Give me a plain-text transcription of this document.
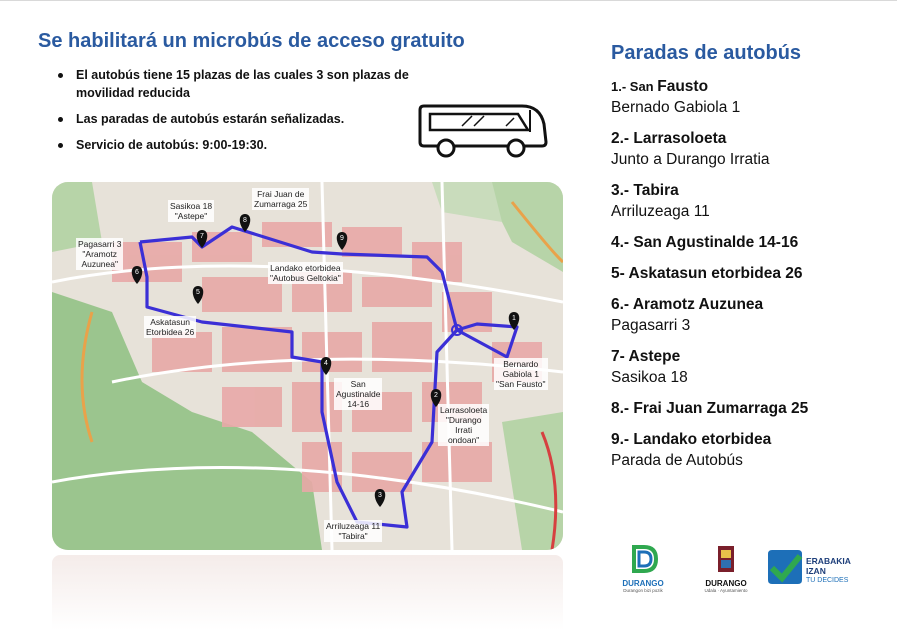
Se habilitará un microbús de acceso gratuito
El autobús tiene 15 plazas de las cuales 3 son plazas de movilidad reducida
Las paradas de autobús estarán señalizadas.
Servicio de autobús: 9:00-19:30.
1
2
3
4
5
6
7
8
9
Bernardo
Gabiola 1
"San Fausto"
Larrasoloeta
"Durango
Irrati
ondoan"
Arriluzeaga 11
"Tabira"
San
Agustinalde
14-16
Askatasun
Etorbidea 26
Pagasarri 3
"Aramotz
Auzunea"
Sasikoa 18
"Astepe"
Frai Juan de
Zumarraga 25
Landako etorbidea
"Autobus Geltokia"
Paradas de autobús
1.- San Fausto
Bernado Gabiola 1
2.- Larrasoloeta
Junto a Durango Irratia
3.- Tabira
Arriluzeaga 11
4.- San Agustinalde 14-16
5- Askatasun etorbidea 26
6.- Aramotz Auzunea
Pagasarri 3
7- Astepe
Sasikoa 18
8.- Frai Juan Zumarraga 25
9.- Landako etorbidea
Parada de Autobús
DURANGO
Durangon bizi pozik
DURANGO
Udala · Ayuntamiento
ERABAKIA
IZAN
TU DECIDES
